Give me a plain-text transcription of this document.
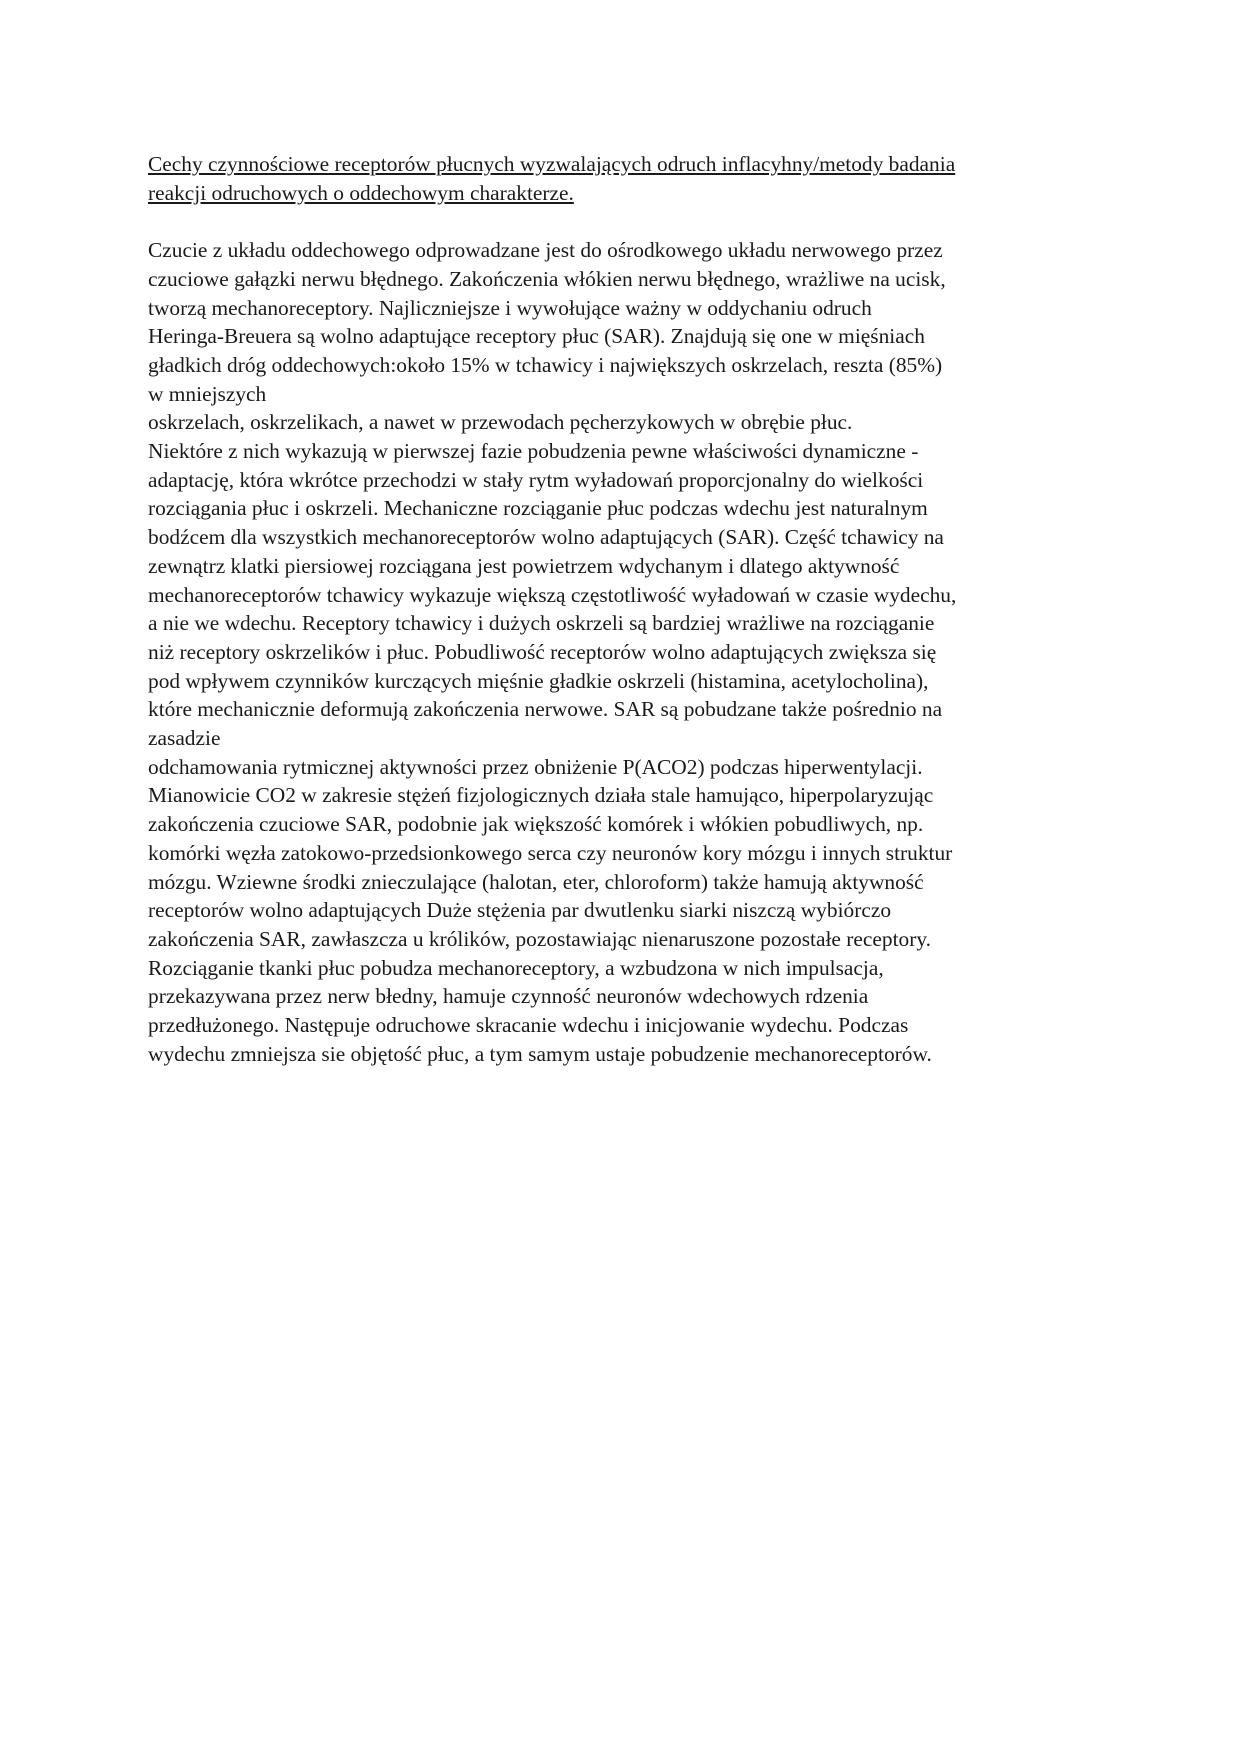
Cechy czynnościowe receptorów płucnych wyzwalających odruch inflacyhny/metody badania
reakcji odruchowych o oddechowym charakterze.

Czucie z układu oddechowego odprowadzane jest do ośrodkowego układu nerwowego przez
czuciowe gałązki nerwu błędnego. Zakończenia włókien nerwu błędnego, wrażliwe na ucisk,
tworzą mechanoreceptory. Najliczniejsze i wywołujące ważny w oddychaniu odruch
Heringa-Breuera są wolno adaptujące receptory płuc (SAR). Znajdują się one w mięśniach
gładkich dróg oddechowych:około 15% w tchawicy i największych oskrzelach, reszta (85%)
w mniejszych
oskrzelach, oskrzelikach, a nawet w przewodach pęcherzykowych w obrębie płuc.
Niektóre z nich wykazują w pierwszej fazie pobudzenia pewne właściwości dynamiczne -
adaptację, która wkrótce przechodzi w stały rytm wyładowań proporcjonalny do wielkości
rozciągania płuc i oskrzeli. Mechaniczne rozciąganie płuc podczas wdechu jest naturalnym
bodźcem dla wszystkich mechanoreceptorów wolno adaptujących (SAR). Część tchawicy na
zewnątrz klatki piersiowej rozciągana jest powietrzem wdychanym i dlatego aktywność
mechanoreceptorów tchawicy wykazuje większą częstotliwość wyładowań w czasie wydechu,
a nie we wdechu. Receptory tchawicy i dużych oskrzeli są bardziej wrażliwe na rozciąganie
niż receptory oskrzelików i płuc. Pobudliwość receptorów wolno adaptujących zwiększa się
pod wpływem czynników kurczących mięśnie gładkie oskrzeli (histamina, acetylocholina),
które mechanicznie deformują zakończenia nerwowe. SAR są pobudzane także pośrednio na
zasadzie
odchamowania rytmicznej aktywności przez obniżenie P(ACO2) podczas hiperwentylacji.
Mianowicie CO2 w zakresie stężeń fizjologicznych działa stale hamująco, hiperpolaryzując
zakończenia czuciowe SAR, podobnie jak większość komórek i włókien pobudliwych, np.
komórki węzła zatokowo-przedsionkowego serca czy neuronów kory mózgu i innych struktur
mózgu. Wziewne środki znieczulające (halotan, eter, chloroform) także hamują aktywność
receptorów wolno adaptujących Duże stężenia par dwutlenku siarki niszczą wybiórczo
zakończenia SAR, zawłaszcza u królików, pozostawiając nienaruszone pozostałe receptory.
Rozciąganie tkanki płuc pobudza mechanoreceptory, a wzbudzona w nich impulsacja,
przekazywana przez nerw błedny, hamuje czynność neuronów wdechowych rdzenia
przedłużonego. Następuje odruchowe skracanie wdechu i inicjowanie wydechu. Podczas
wydechu zmniejsza sie objętość płuc, a tym samym ustaje pobudzenie mechanoreceptorów.
